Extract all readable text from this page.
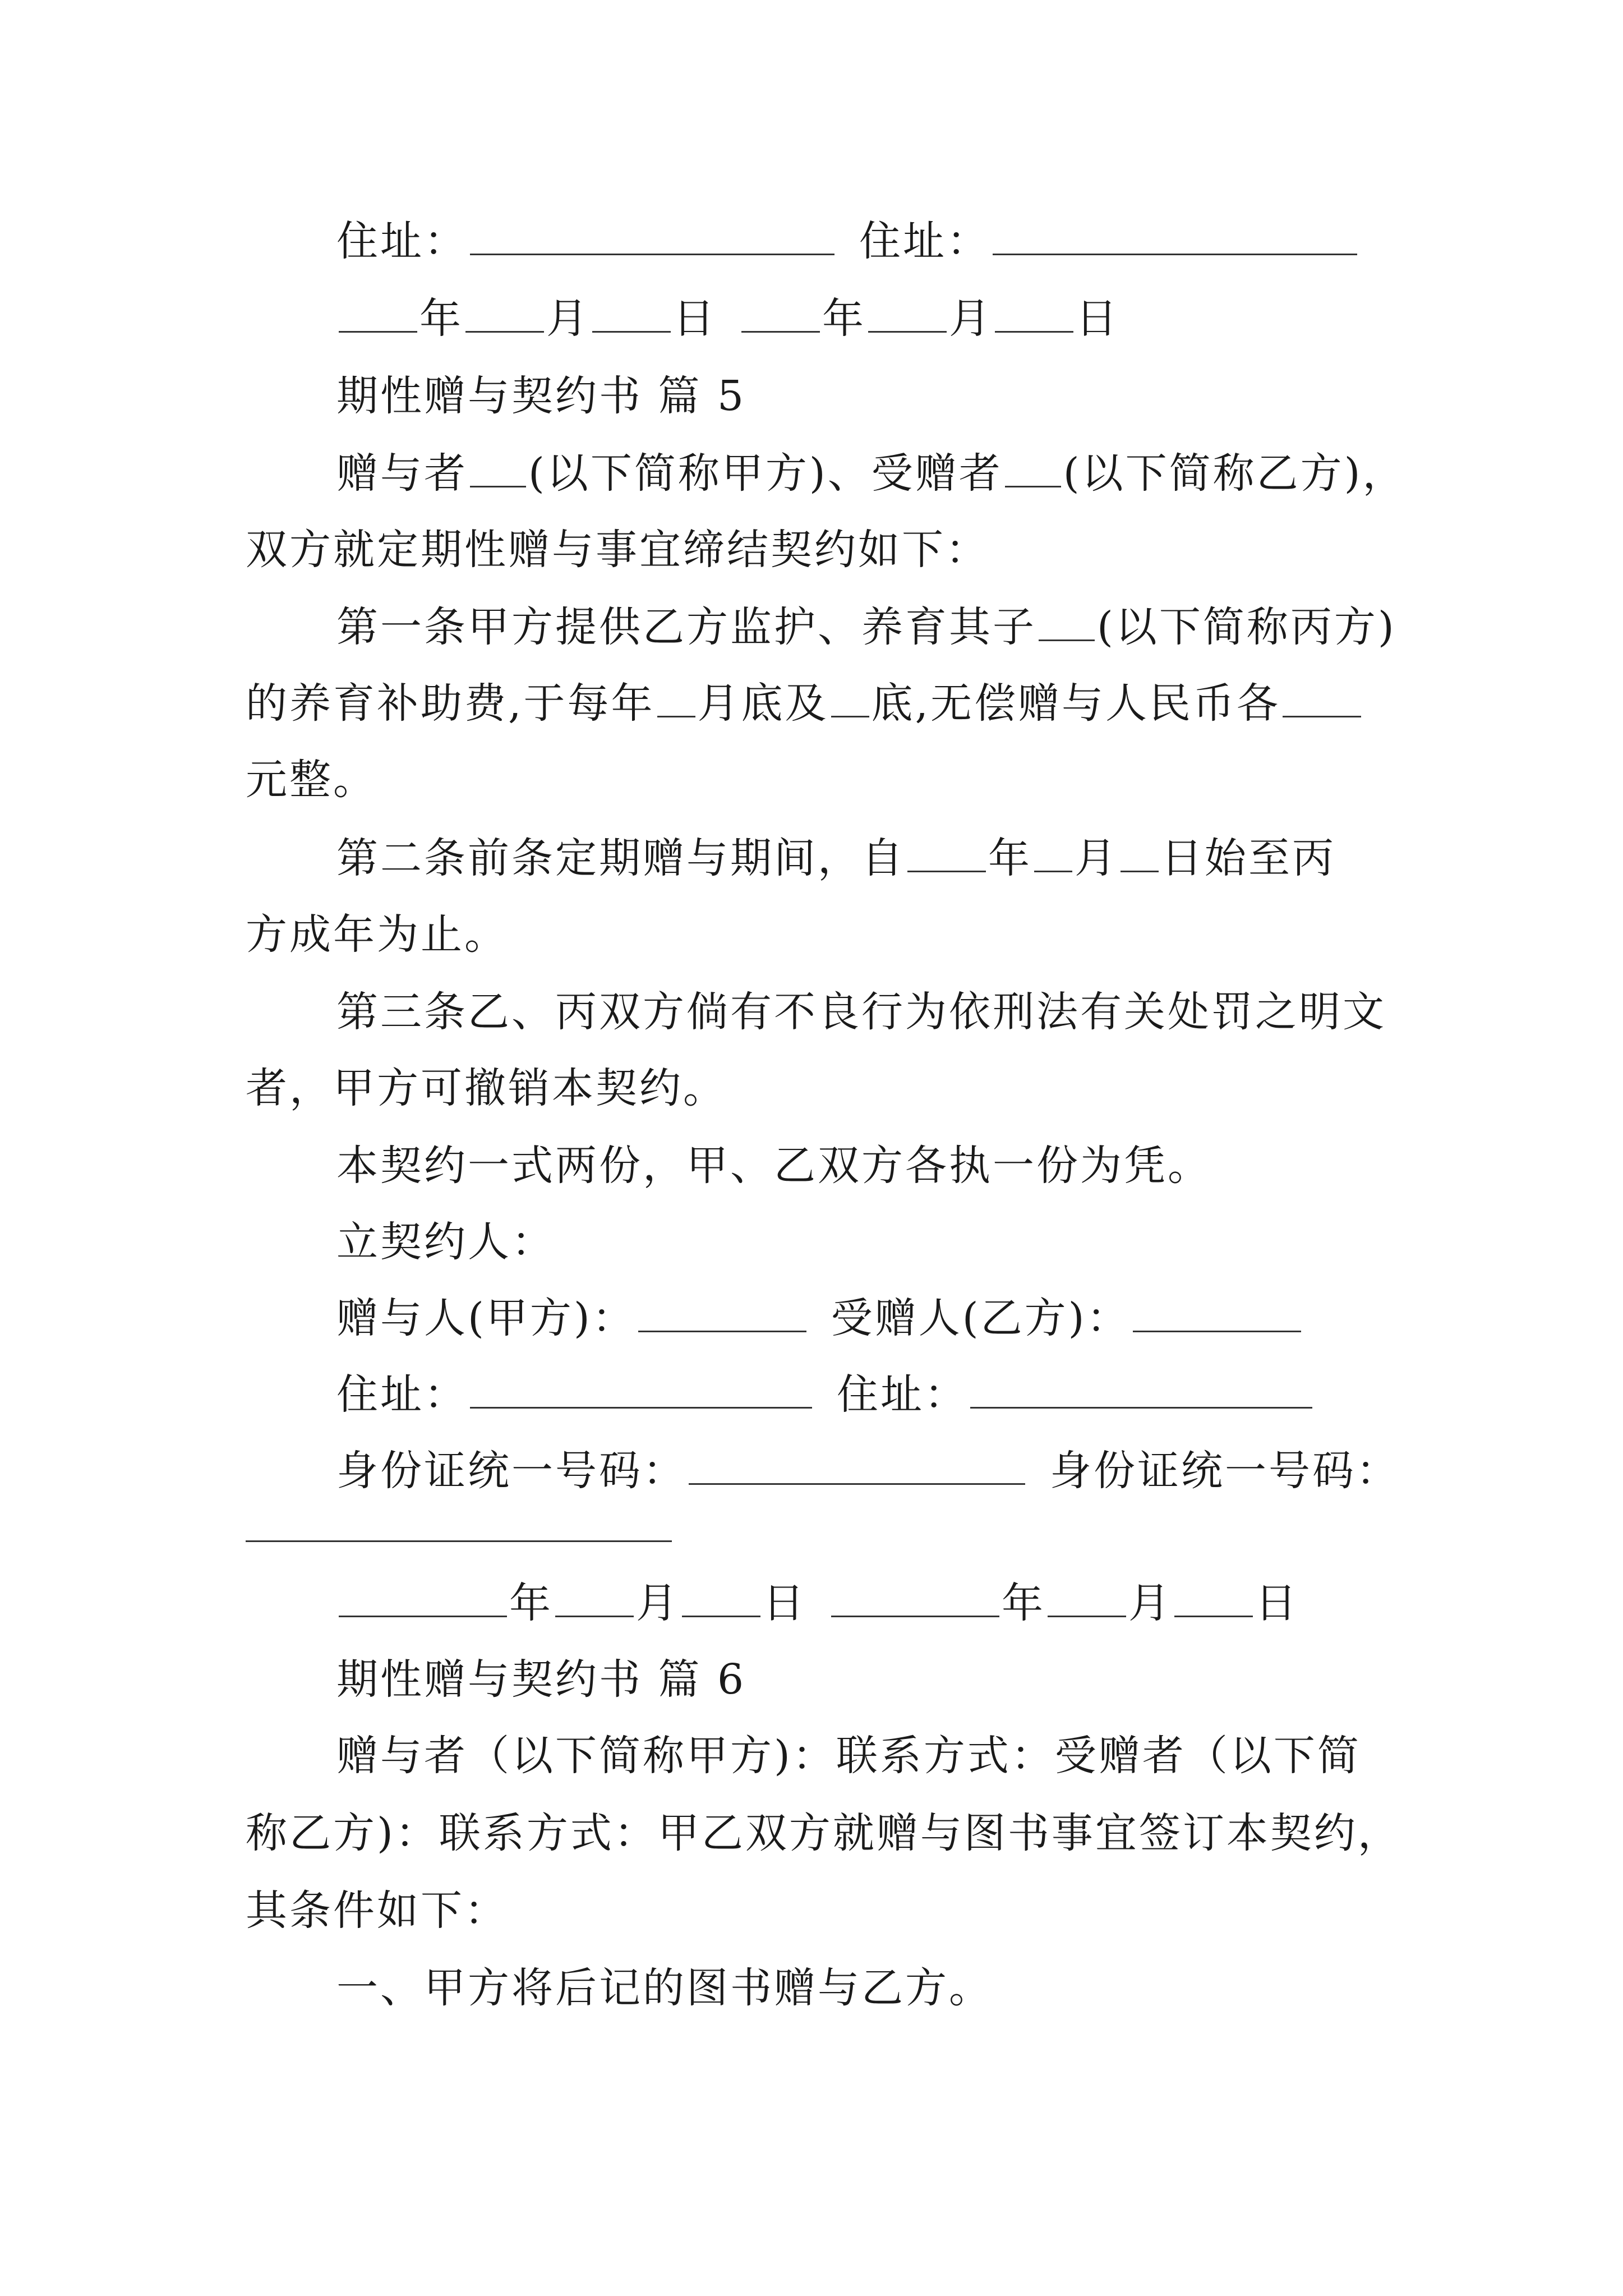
住址：	住址：
年 月 日	年 月 日
期性赠与契约书 篇 5
赠与者 (以下简称甲方)、受赠者 (以下简称乙方)，
双方就定期性赠与事宜缔结契约如下：
第一条甲方提供乙方监护、养育其子 (以下简称丙方)
的养育补助费,于每年 月底及 底,无偿赠与人民币各
元整。
第二条前条定期赠与期间，自 年 月 日始至丙
方成年为止。
第三条乙、丙双方倘有不良行为依刑法有关处罚之明文
者，甲方可撤销本契约。
本契约一式两份，甲、乙双方各执一份为凭。
立契约人：
赠与人(甲方)：	受赠人(乙方)：
住址：	住址：
身份证统一号码：	身份证统一号码：
年 月 日	年 月 日
期性赠与契约书 篇 6
赠与者（以下简称甲方)：联系方式：受赠者（以下简
称乙方)：联系方式：甲乙双方就赠与图书事宜签订本契约，
其条件如下：
一、甲方将后记的图书赠与乙方。
